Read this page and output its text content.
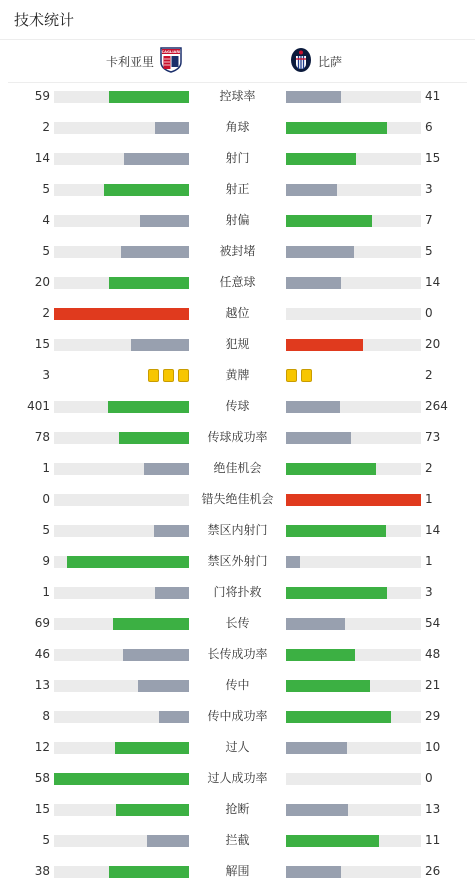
技术统计
卡利亚里
CAGLIARI
比萨
59	控球率	41
2	角球	6
14	射门	15
5	射正	3
4	射偏	7
5	被封堵	5
20	任意球	14
2	越位	0
15	犯规	20
3	黄牌	2
401	传球	264
78	传球成功率	73
1	绝佳机会	2
0	错失绝佳机会	1
5	禁区内射门	14
9	禁区外射门	1
1	门将扑救	3
69	长传	54
46	长传成功率	48
13	传中	21
8	传中成功率	29
12	过人	10
58	过人成功率	0
15	抢断	13
5	拦截	11
38	解围	26
